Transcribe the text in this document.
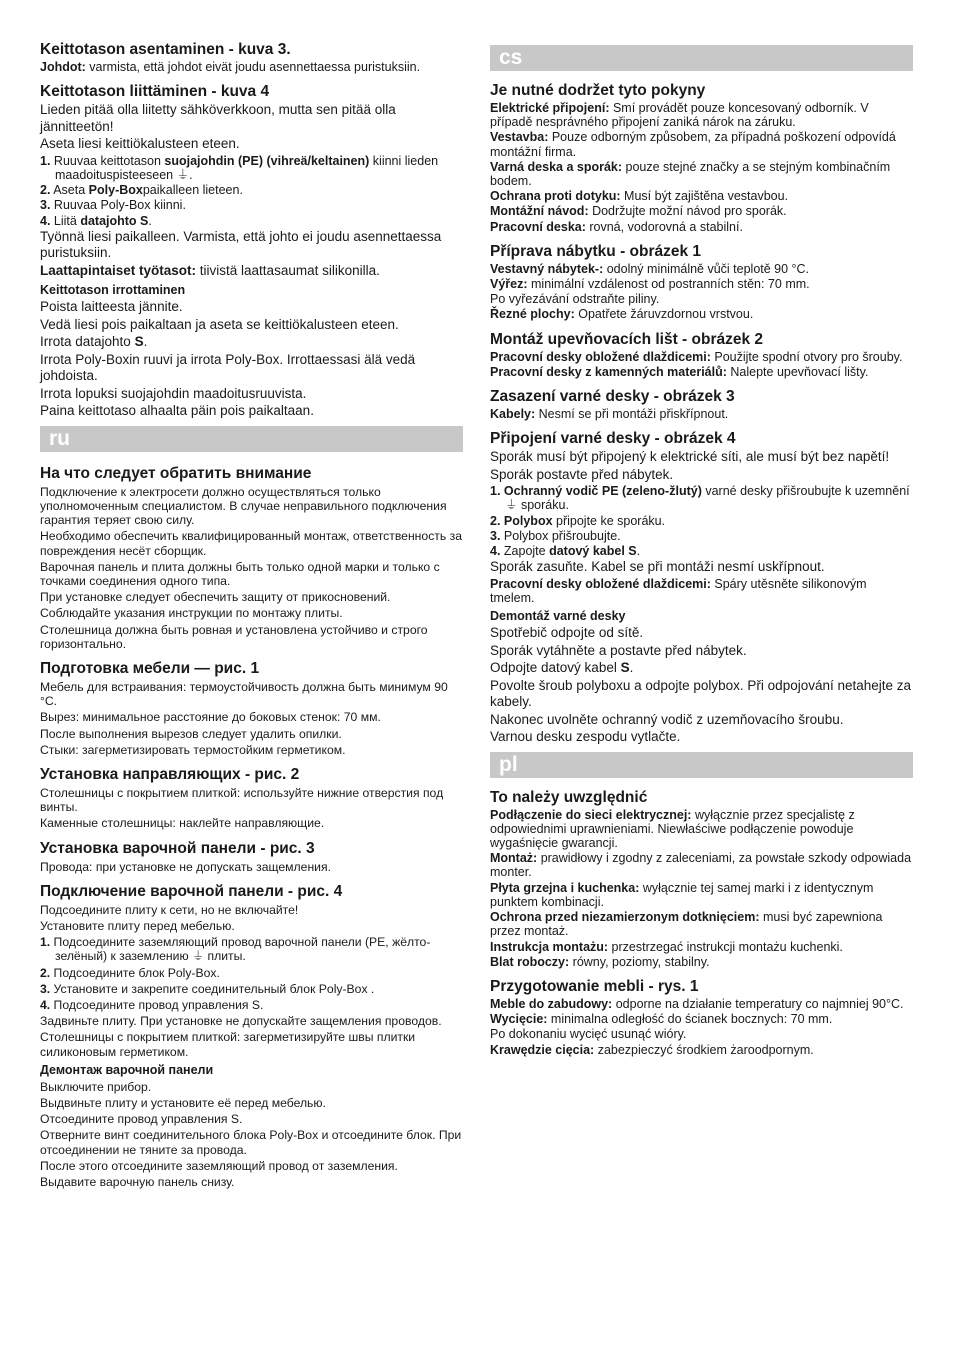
Keittotason asentaminen - kuva 3.
Johdot: varmista, että johdot eivät joudu asennettaessa puristuksiin.
Keittotason liittäminen - kuva 4
Lieden pitää olla liitetty sähköverkkoon, mutta sen pitää olla jännitteetön!
Aseta liesi keittiökalusteen eteen.
1. Ruuvaa keittotason suojajohdin (PE) (vihreä/keltainen) kiinni lieden maadoituspisteeseen ⏚.
2. Aseta Poly-Boxpaikalleen lieteen.
3. Ruuvaa Poly-Box kiinni.
4. Liitä datajohto S.
Työnnä liesi paikalleen. Varmista, että johto ei joudu asennettaessa puristuksiin.
Laattapintaiset työtasot: tiivistä laattasaumat silikonilla.
Keittotason irrottaminen
Poista laitteesta jännite.
Vedä liesi pois paikaltaan ja aseta se keittiökalusteen eteen.
Irrota datajohto S.
Irrota Poly-Boxin ruuvi ja irrota Poly-Box. Irrottaessasi älä vedä johdoista.
Irrota lopuksi suojajohdin maadoitusruuvista.
Paina keittotaso alhaalta päin pois paikaltaan.
ru
На что следует обратить внимание
Подключение к электросети должно осуществляться только уполномоченным специалистом. В случае неправильного подключения гарантия теряет свою силу.
Необходимо обеспечить квалифицированный монтаж, ответственность за повреждения несёт сборщик.
Варочная панель и плита должны быть только одной марки и только с точками соединения одного типа.
При установке следует обеспечить защиту от прикосновений.
Соблюдайте указания инструкции по монтажу плиты.
Столешница должна быть ровная и установлена устойчиво и строго горизонтально.
Подготовка мебели — рис. 1
Мебель для встраивания: термоустойчивость должна быть минимум 90 °C.
Вырез: минимальное расстояние до боковых стенок: 70 мм.
После выполнения вырезов следует удалить опилки.
Стыки: загерметизировать термостойким герметиком.
Установка направляющих - рис. 2
Столешницы с покрытием плиткой: используйте нижние отверстия под винты.
Каменные столешницы: наклейте направляющие.
Установка варочной панели - рис. 3
Провода: при установке не допускать защемления.
Подключение варочной панели - рис. 4
Подсоедините плиту к сети, но не включайте!
Установите плиту перед мебелью.
1. Подсоедините заземляющий провод варочной панели (PE, жёлто-зелёный) к заземлению ⏚ плиты.
2. Подсоедините блок Poly-Box.
3. Установите и закрепите соединительный блок Poly-Box .
4. Подсоедините провод управления S.
Задвиньте плиту. При установке не допускайте защемления проводов.
Столешницы с покрытием плиткой: загерметизируйте швы плитки силиконовым герметиком.
Демонтаж варочной панели
Выключите прибор.
Выдвиньте плиту и установите её перед мебелью.
Отсоедините провод управления S.
Отверните винт соединительного блока Poly-Box и отсоедините блок. При отсоединении не тяните за провода.
После этого отсоедините заземляющий провод от заземления.
Выдавите варочную панель снизу.
cs
Je nutné dodržet tyto pokyny
Elektrické připojení: Smí provádět pouze koncesovaný odborník. V případě nesprávného připojení zaniká nárok na záruku.
Vestavba: Pouze odborným způsobem, za případná poškození odpovídá montážní firma.
Varná deska a sporák: pouze stejné značky a se stejným kombinačním bodem.
Ochrana proti dotyku: Musí být zajištěna vestavbou.
Montážní návod: Dodržujte možní návod pro sporák.
Pracovní deska: rovná, vodorovná a stabilní.
Příprava nábytku - obrázek 1
Vestavný nábytek-: odolný minimálně vůči teplotě 90 °C.
Výřez: minimální vzdálenost od postranních stěn: 70 mm.
Po vyřezávání odstraňte piliny.
Řezné plochy: Opatřete žáruvzdornou vrstvou.
Montáž upevňovacích lišt - obrázek 2
Pracovní desky obložené dlaždicemi: Použijte spodní otvory pro šrouby.
Pracovní desky z kamenných materiálů: Nalepte upevňovací lišty.
Zasazení varné desky - obrázek 3
Kabely: Nesmí se při montáži přiskřípnout.
Připojení varné desky - obrázek 4
Sporák musí být připojený k elektrické síti, ale musí být bez napětí!
Sporák postavte před nábytek.
1. Ochranný vodič PE (zeleno-žlutý) varné desky přišroubujte k uzemnění ⏚ sporáku.
2. Polybox připojte ke sporáku.
3. Polybox přišroubujte.
4. Zapojte datový kabel S.
Sporák zasuňte. Kabel se při montáži nesmí uskřípnout.
Pracovní desky obložené dlaždicemi: Spáry utěsněte silikonovým tmelem.
Demontáž varné desky
Spotřebič odpojte od sítě.
Sporák vytáhněte a postavte před nábytek.
Odpojte datový kabel S.
Povolte šroub polyboxu a odpojte polybox. Při odpojování netahejte za kabely.
Nakonec uvolněte ochranný vodič z uzemňovacího šroubu.
Varnou desku zespodu vytlačte.
pl
To należy uwzględnić
Podłączenie do sieci elektrycznej: wyłącznie przez specjalistę z odpowiednimi uprawnieniami. Niewłaściwe podłączenie powoduje wygaśnięcie gwarancji.
Montaż: prawidłowy i zgodny z zaleceniami, za powstałe szkody odpowiada monter.
Płyta grzejna i kuchenka: wyłącznie tej samej marki i z identycznym punktem kombinacji.
Ochrona przed niezamierzonym dotknięciem: musi być zapewniona przez montaż.
Instrukcja montażu: przestrzegać instrukcji montażu kuchenki.
Blat roboczy: równy, poziomy, stabilny.
Przygotowanie mebli - rys. 1
Meble do zabudowy: odporne na działanie temperatury co najmniej 90°C.
Wycięcie: minimalna odległość do ścianek bocznych: 70 mm.
Po dokonaniu wycięć usunąć wióry.
Krawędzie cięcia: zabezpieczyć środkiem żaroodpornym.
